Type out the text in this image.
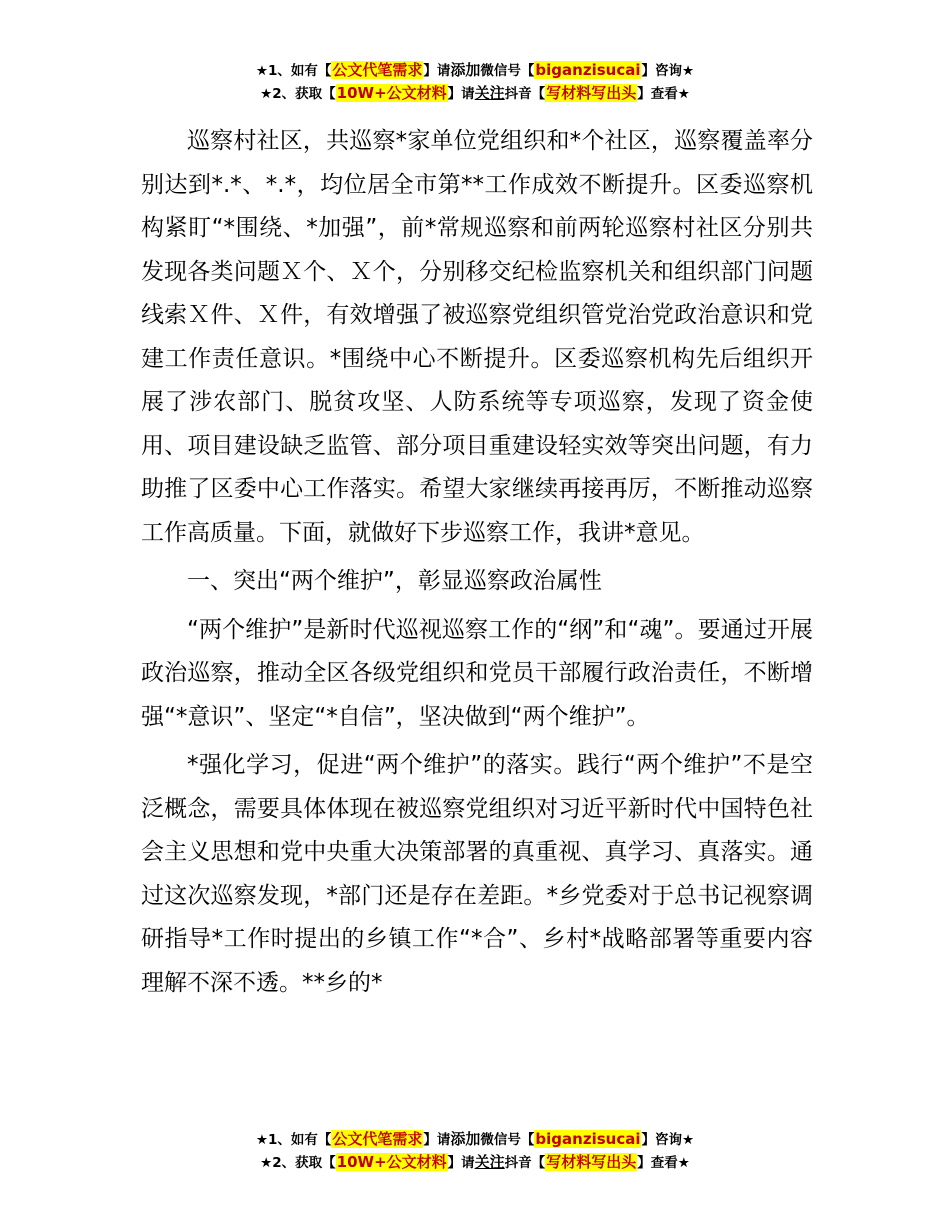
★1、如有【公文代笔需求】请添加微信号【biganzisucai】咨询★
★2、获取【10W+公文材料】请关注抖音【写材料写出头】查看★

巡察村社区，共巡察*家单位党组织和*个社区，巡察覆盖率分别达到*.*、*.*，均位居全市第**工作成效不断提升。区委巡察机构紧盯“*围绕、*加强”，前*常规巡察和前两轮巡察村社区分别共发现各类问题Ｘ个、Ｘ个，分别移交纪检监察机关和组织部门问题线索Ｘ件、Ｘ件，有效增强了被巡察党组织管党治党政治意识和党建工作责任意识。*围绕中心不断提升。区委巡察机构先后组织开展了涉农部门、脱贫攻坚、人防系统等专项巡察，发现了资金使用、项目建设缺乏监管、部分项目重建设轻实效等突出问题，有力助推了区委中心工作落实。希望大家继续再接再厉，不断推动巡察工作高质量。下面，就做好下步巡察工作，我讲*意见。

一、突出“两个维护”，彰显巡察政治属性

“两个维护”是新时代巡视巡察工作的“纲”和“魂”。要通过开展政治巡察，推动全区各级党组织和党员干部履行政治责任，不断增强“*意识”、坚定“*自信”，坚决做到“两个维护”。

*强化学习，促进“两个维护”的落实。践行“两个维护”不是空泛概念，需要具体体现在被巡察党组织对习近平新时代中国特色社会主义思想和党中央重大决策部署的真重视、真学习、真落实。通过这次巡察发现，*部门还是存在差距。*乡党委对于总书记视察调研指导*工作时提出的乡镇工作“*合”、乡村*战略部署等重要内容理解不深不透。**乡的*

★1、如有【公文代笔需求】请添加微信号【biganzisucai】咨询★
★2、获取【10W+公文材料】请关注抖音【写材料写出头】查看★
